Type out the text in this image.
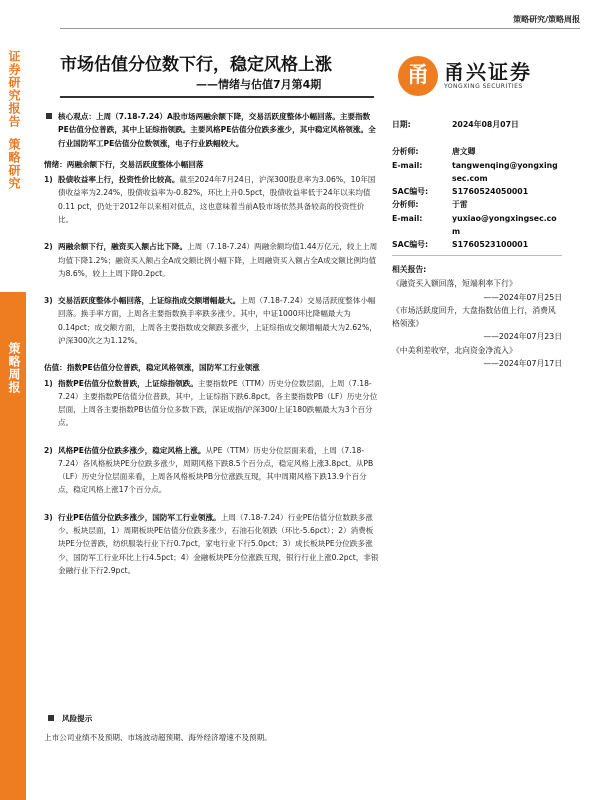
策略研究/策略周报
证券研究报告
策略研究
策略周报
市场估值分位数下行，稳定风格上涨
——情绪与估值7月第4期	甬 甬兴证券
YONGXING SECURITIES
核心观点：上周（7.18-7.24）A股市场两融余额下降，交易活跃度整体小幅回落。主要指数PE估值分位普跌，其中上证综指领跌。主要风格PE估值分位跌多涨少，其中稳定风格领涨。全行业国防军工PE估值分位数领涨，电子行业跌幅较大。
情绪：两融余额下行，交易活跃度整体小幅回落
1) 股债收益率上行，投资性价比较高。截至2024年7月24日，沪深300股息率为3.06%，10年国债收益率为2.24%，股债收益率为-0.82%，环比上升0.5pct，股债收益率低于24年以来均值0.11 pct，仍处于2012年以来相对低点，这也意味着当前A股市场依然具备较高的投资性价比。
2) 两融余额下行，融资买入额占比下降。上周（7.18-7.24）两融余额均值1.44万亿元，较上上周均值下降1.2%；融资买入额占全A成交额比例小幅下降，上周融资买入额占全A成交额比例均值为8.6%，较上上周下降0.2pct。
3) 交易活跃度整体小幅回落，上证综指成交额增幅最大。上周（7.18-7.24）交易活跃度整体小幅回落。换手率方面，上周各主要指数换手率跌多涨少。其中，中证1000环比降幅最大为0.14pct；成交额方面，上周各主要指数成交额跌多涨少，上证综指成交额增幅最大为2.62%，沪深300次之为1.12%。
估值：指数PE估值分位普跌，稳定风格领涨，国防军工行业领涨
1) 指数PE估值分位数普跌，上证综指领跌。主要指数PE（TTM）历史分位数层面，上周（7.18-7.24）主要指数PE估值分位普跌，其中，上证综指下跌6.8pct。各主要指数PB（LF）历史分位层面，上周各主要指数PB估值分位多数下跌，深证成指/沪深300/上证180跌幅最大为3个百分点。
2) 风格PE估值分位跌多涨少，稳定风格上涨。从PE（TTM）历史分位层面来看，上周（7.18-7.24）各风格板块PE分位跌多涨少，周期风格下跌8.5个百分点，稳定风格上涨3.8pct。从PB（LF）历史分位层面来看，上周各风格板块PB分位涨跌互现，其中周期风格下跌13.9个百分点，稳定风格上涨17个百分点。
3) 行业PE估值分位跌多涨少，国防军工行业领涨。上周（7.18-7.24）行业PE估值分位数跌多涨少。板块层面，1）周期板块PE估值分位跌多涨少，石油石化领跌（环比-5.6pct）；2）消费板块PE分位普跌，纺织服装行业下行0.7pct，家电行业下行5.0pct；3）成长板块PE分位跌多涨少，国防军工行业环比上行4.5pct；4）金融板块PE分位涨跌互现，银行行业上涨0.2pct，非银金融行业下行2.9pct。
风险提示
上市公司业绩不及预期、市场波动超预期、海外经济增速不及预期。
日期:	2024年08月07日
分析师:	唐文卿
E-mail:	tangwenqing@yongxingsec.com
SAC编号:	S1760524050001
分析师:	于雷
E-mail:	yuxiao@yongxingsec.com
SAC编号:	S1760523100001
相关报告:
《融资买入额回落，短端利率下行》
——2024年07月25日
《市场活跃度回升，大盘指数估值上行，消费风格领涨》
——2024年07月23日
《中美利差收窄，北向资金净流入》
——2024年07月17日
